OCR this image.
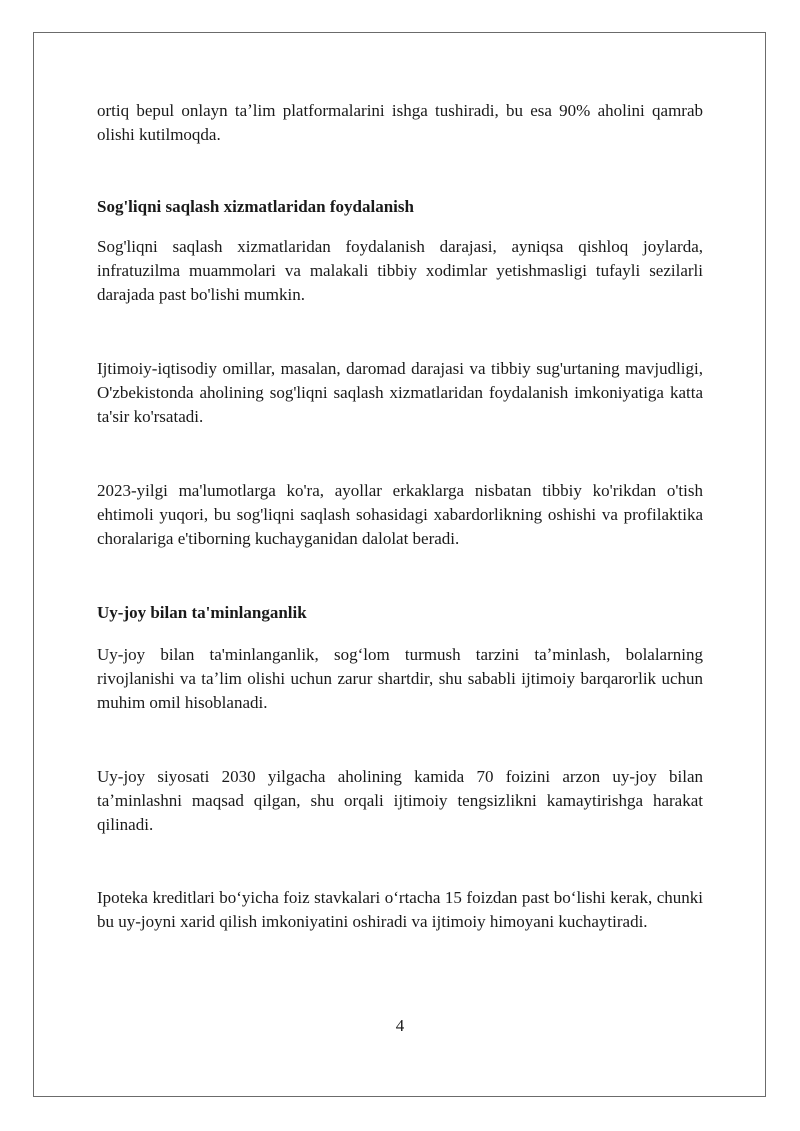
ortiq bepul onlayn taʼlim platformalarini ishga tushiradi, bu esa 90% aholini qamrab olishi kutilmoqda.

Sog'liqni saqlash xizmatlaridan foydalanish

Sog'liqni saqlash xizmatlaridan foydalanish darajasi, ayniqsa qishloq joylarda, infratuzilma muammolari va malakali tibbiy xodimlar yetishmasligi tufayli sezilarli darajada past bo'lishi mumkin.

Ijtimoiy-iqtisodiy omillar, masalan, daromad darajasi va tibbiy sug'urtaning mavjudligi, O'zbekistonda aholining sog'liqni saqlash xizmatlaridan foydalanish imkoniyatiga katta ta'sir ko'rsatadi.

2023-yilgi ma'lumotlarga ko'ra, ayollar erkaklarga nisbatan tibbiy ko'rikdan o'tish ehtimoli yuqori, bu sog'liqni saqlash sohasidagi xabardorlikning oshishi va profilaktika choralariga e'tiborning kuchayganidan dalolat beradi.

Uy-joy bilan ta'minlanganlik

Uy-joy bilan ta'minlanganlik, sog‘lom turmush tarzini taʼminlash, bolalarning rivojlanishi va taʼlim olishi uchun zarur shartdir, shu sababli ijtimoiy barqarorlik uchun muhim omil hisoblanadi.

Uy-joy siyosati 2030 yilgacha aholining kamida 70 foizini arzon uy-joy bilan taʼminlashni maqsad qilgan, shu orqali ijtimoiy tengsizlikni kamaytirishga harakat qilinadi.

Ipoteka kreditlari bo‘yicha foiz stavkalari o‘rtacha 15 foizdan past bo‘lishi kerak, chunki bu uy-joyni xarid qilish imkoniyatini oshiradi va ijtimoiy himoyani kuchaytiradi.

4
